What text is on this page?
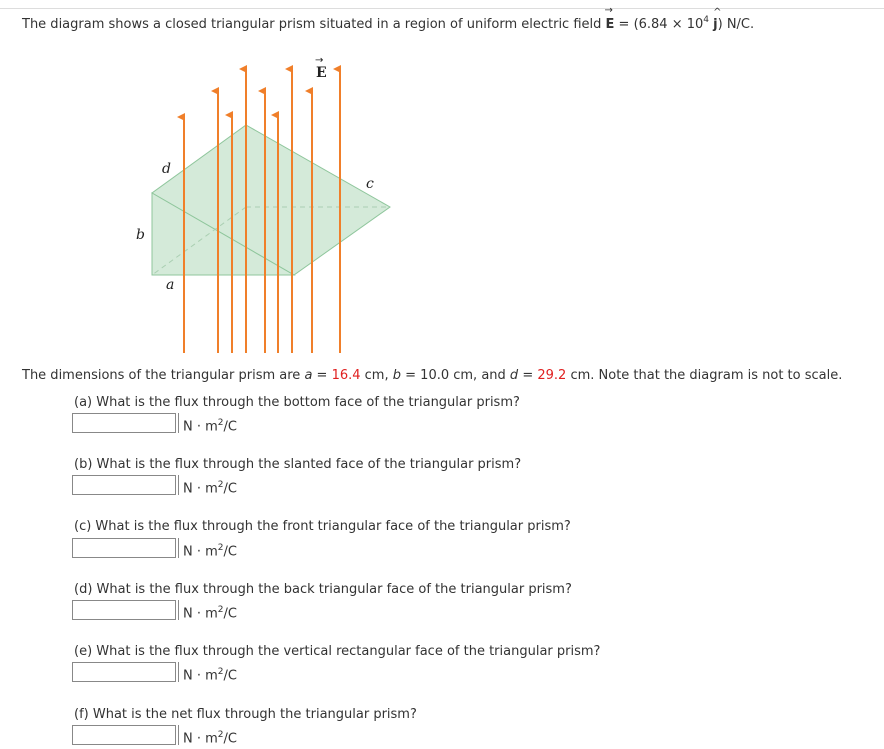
The diagram shows a closed triangular prism situated in a region of uniform electric field → $E = (6.84 \times 10^4$ ^ j) N/C.
E
→
d
c
b
a
The dimensions of the triangular prism are a = 16.4 cm, b = 10.0 cm, and d = 29.2 cm. Note that the diagram is not to scale.
(a) What is the flux through the bottom face of the triangular prism?
$N \cdot m^2/C$
(b) What is the flux through the slanted face of the triangular prism?
$N \cdot m^2/C$
(c) What is the flux through the front triangular face of the triangular prism?
$N \cdot m^2/C$
(d) What is the flux through the back triangular face of the triangular prism?
$N \cdot m^2/C$
(e) What is the flux through the vertical rectangular face of the triangular prism?
$N \cdot m^2/C$
(f) What is the net flux through the triangular prism?
$N \cdot m^2/C$
